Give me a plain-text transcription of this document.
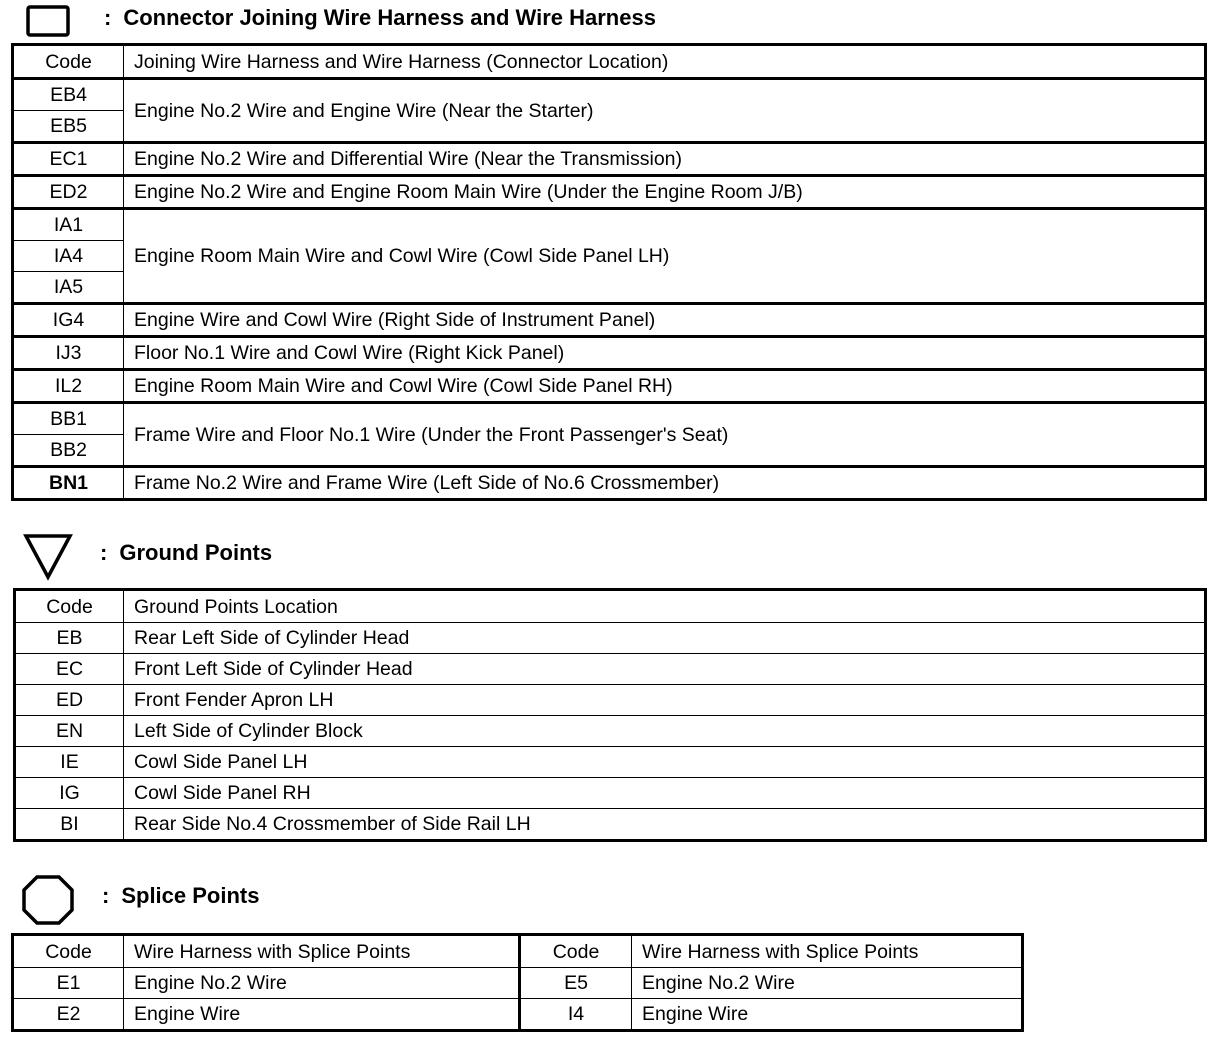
: Connector Joining Wire Harness and Wire Harness
Code	Joining Wire Harness and Wire Harness (Connector Location)
EB4	Engine No.2 Wire and Engine Wire (Near the Starter)
EB5	
EC1	Engine No.2 Wire and Differential Wire (Near the Transmission)
ED2	Engine No.2 Wire and Engine Room Main Wire (Under the Engine Room J/B)
IA1	Engine Room Main Wire and Cowl Wire (Cowl Side Panel LH)
IA4	
IA5	
IG4	Engine Wire and Cowl Wire (Right Side of Instrument Panel)
IJ3	Floor No.1 Wire and Cowl Wire (Right Kick Panel)
IL2	Engine Room Main Wire and Cowl Wire (Cowl Side Panel RH)
BB1	Frame Wire and Floor No.1 Wire (Under the Front Passenger's Seat)
BB2	
BN1	Frame No.2 Wire and Frame Wire (Left Side of No.6 Crossmember)
: Ground Points
Code	Ground Points Location
EB	Rear Left Side of Cylinder Head
EC	Front Left Side of Cylinder Head
ED	Front Fender Apron LH
EN	Left Side of Cylinder Block
IE	Cowl Side Panel LH
IG	Cowl Side Panel RH
BI	Rear Side No.4 Crossmember of Side Rail LH
: Splice Points
Code	Wire Harness with Splice Points	Code	Wire Harness with Splice Points
E1	Engine No.2 Wire	E5	Engine No.2 Wire
E2	Engine Wire	I4	Engine Wire
